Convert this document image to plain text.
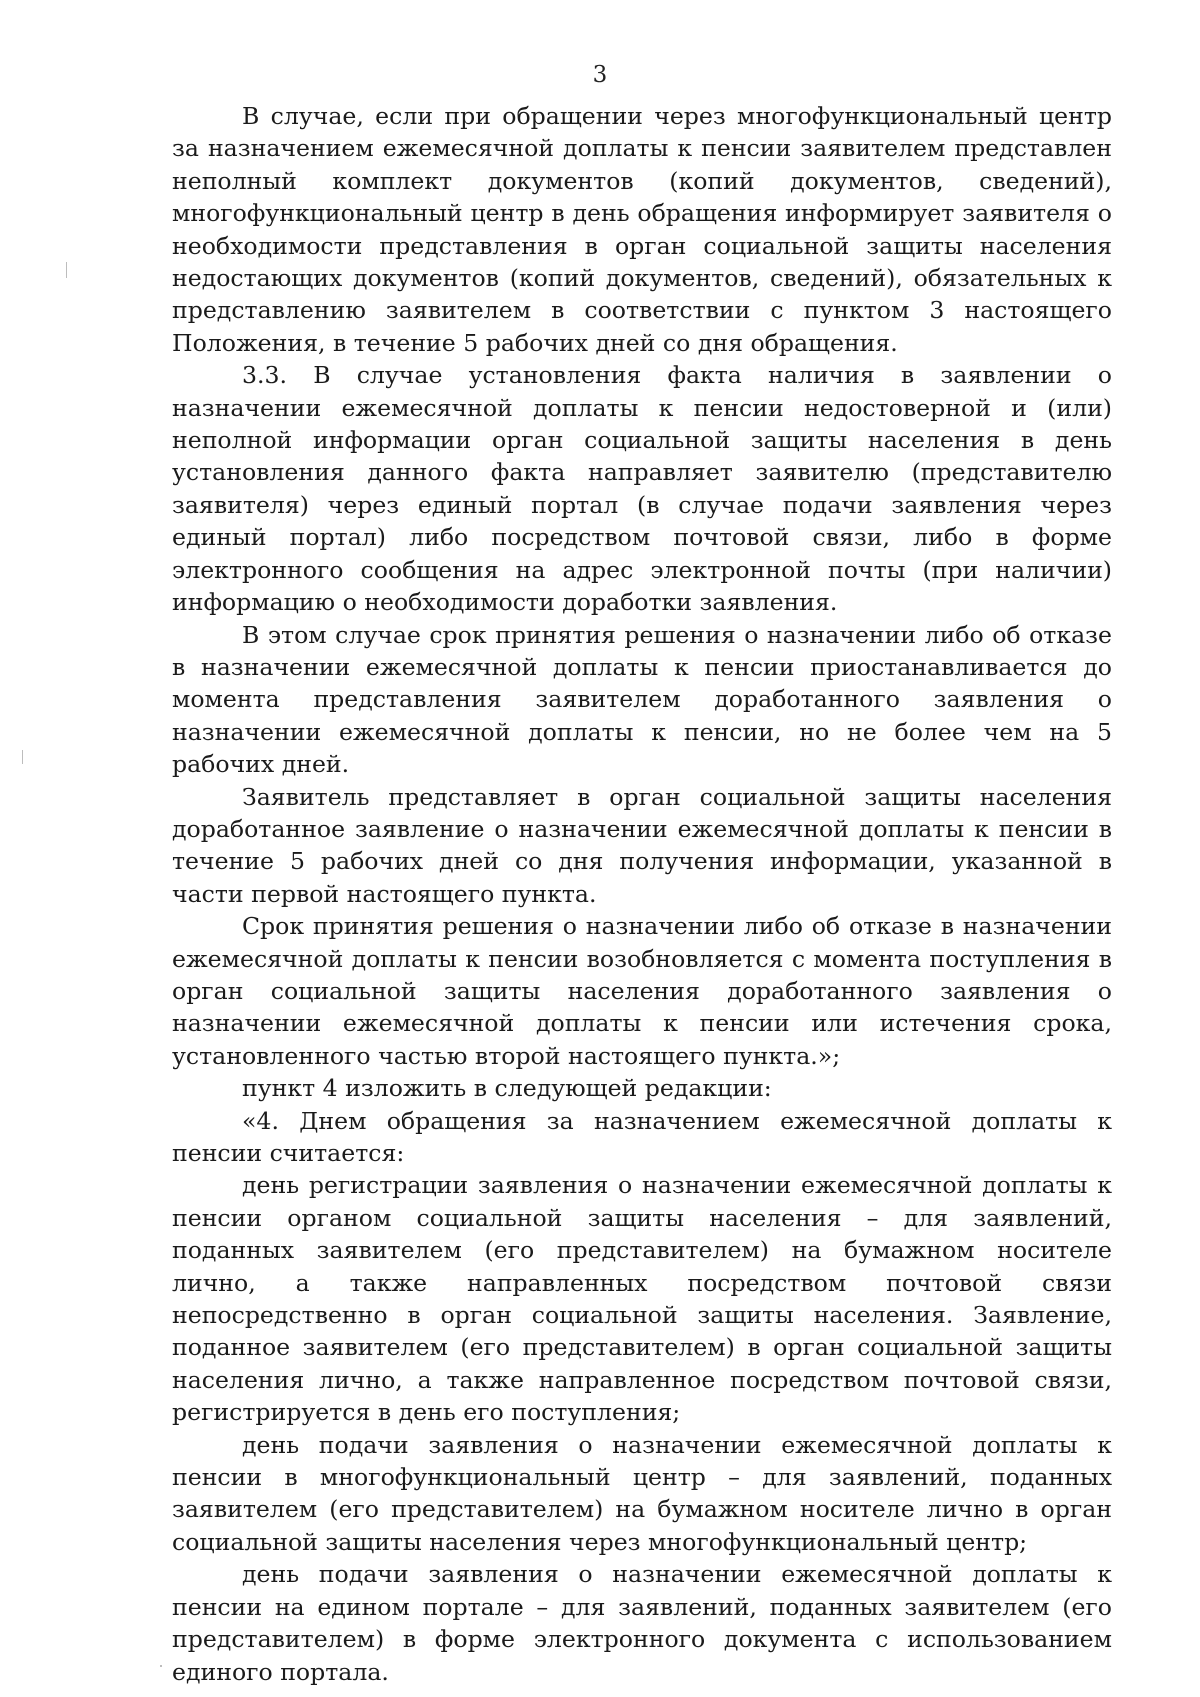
3

В случае, если при обращении через многофункциональный центр за назначением ежемесячной доплаты к пенсии заявителем представлен неполный комплект документов (копий документов, сведений), многофункциональный центр в день обращения информирует заявителя о необходимости представления в орган социальной защиты населения недостающих документов (копий документов, сведений), обязательных к представлению заявителем в соответствии с пунктом 3 настоящего Положения, в течение 5 рабочих дней со дня обращения.

3.3. В случае установления факта наличия в заявлении о назначении ежемесячной доплаты к пенсии недостоверной и (или) неполной информации орган социальной защиты населения в день установления данного факта направляет заявителю (представителю заявителя) через единый портал (в случае подачи заявления через единый портал) либо посредством почтовой связи, либо в форме электронного сообщения на адрес электронной почты (при наличии) информацию о необходимости доработки заявления.

В этом случае срок принятия решения о назначении либо об отказе в назначении ежемесячной доплаты к пенсии приостанавливается до момента представления заявителем доработанного заявления о назначении ежемесячной доплаты к пенсии, но не более чем на 5 рабочих дней.

Заявитель представляет в орган социальной защиты населения доработанное заявление о назначении ежемесячной доплаты к пенсии в течение 5 рабочих дней со дня получения информации, указанной в части первой настоящего пункта.

Срок принятия решения о назначении либо об отказе в назначении ежемесячной доплаты к пенсии возобновляется с момента поступления в орган социальной защиты населения доработанного заявления о назначении ежемесячной доплаты к пенсии или истечения срока, установленного частью второй настоящего пункта.»;

пункт 4 изложить в следующей редакции:

«4. Днем обращения за назначением ежемесячной доплаты к пенсии считается:

день регистрации заявления о назначении ежемесячной доплаты к пенсии органом социальной защиты населения – для заявлений, поданных заявителем (его представителем) на бумажном носителе лично, а также направленных посредством почтовой связи непосредственно в орган социальной защиты населения. Заявление, поданное заявителем (его представителем) в орган социальной защиты населения лично, а также направленное посредством почтовой связи, регистрируется в день его поступления;

день подачи заявления о назначении ежемесячной доплаты к пенсии в многофункциональный центр – для заявлений, поданных заявителем (его представителем) на бумажном носителе лично в орган социальной защиты населения через многофункциональный центр;

день подачи заявления о назначении ежемесячной доплаты к пенсии на едином портале – для заявлений, поданных заявителем (его представителем) в форме электронного документа с использованием единого портала.
